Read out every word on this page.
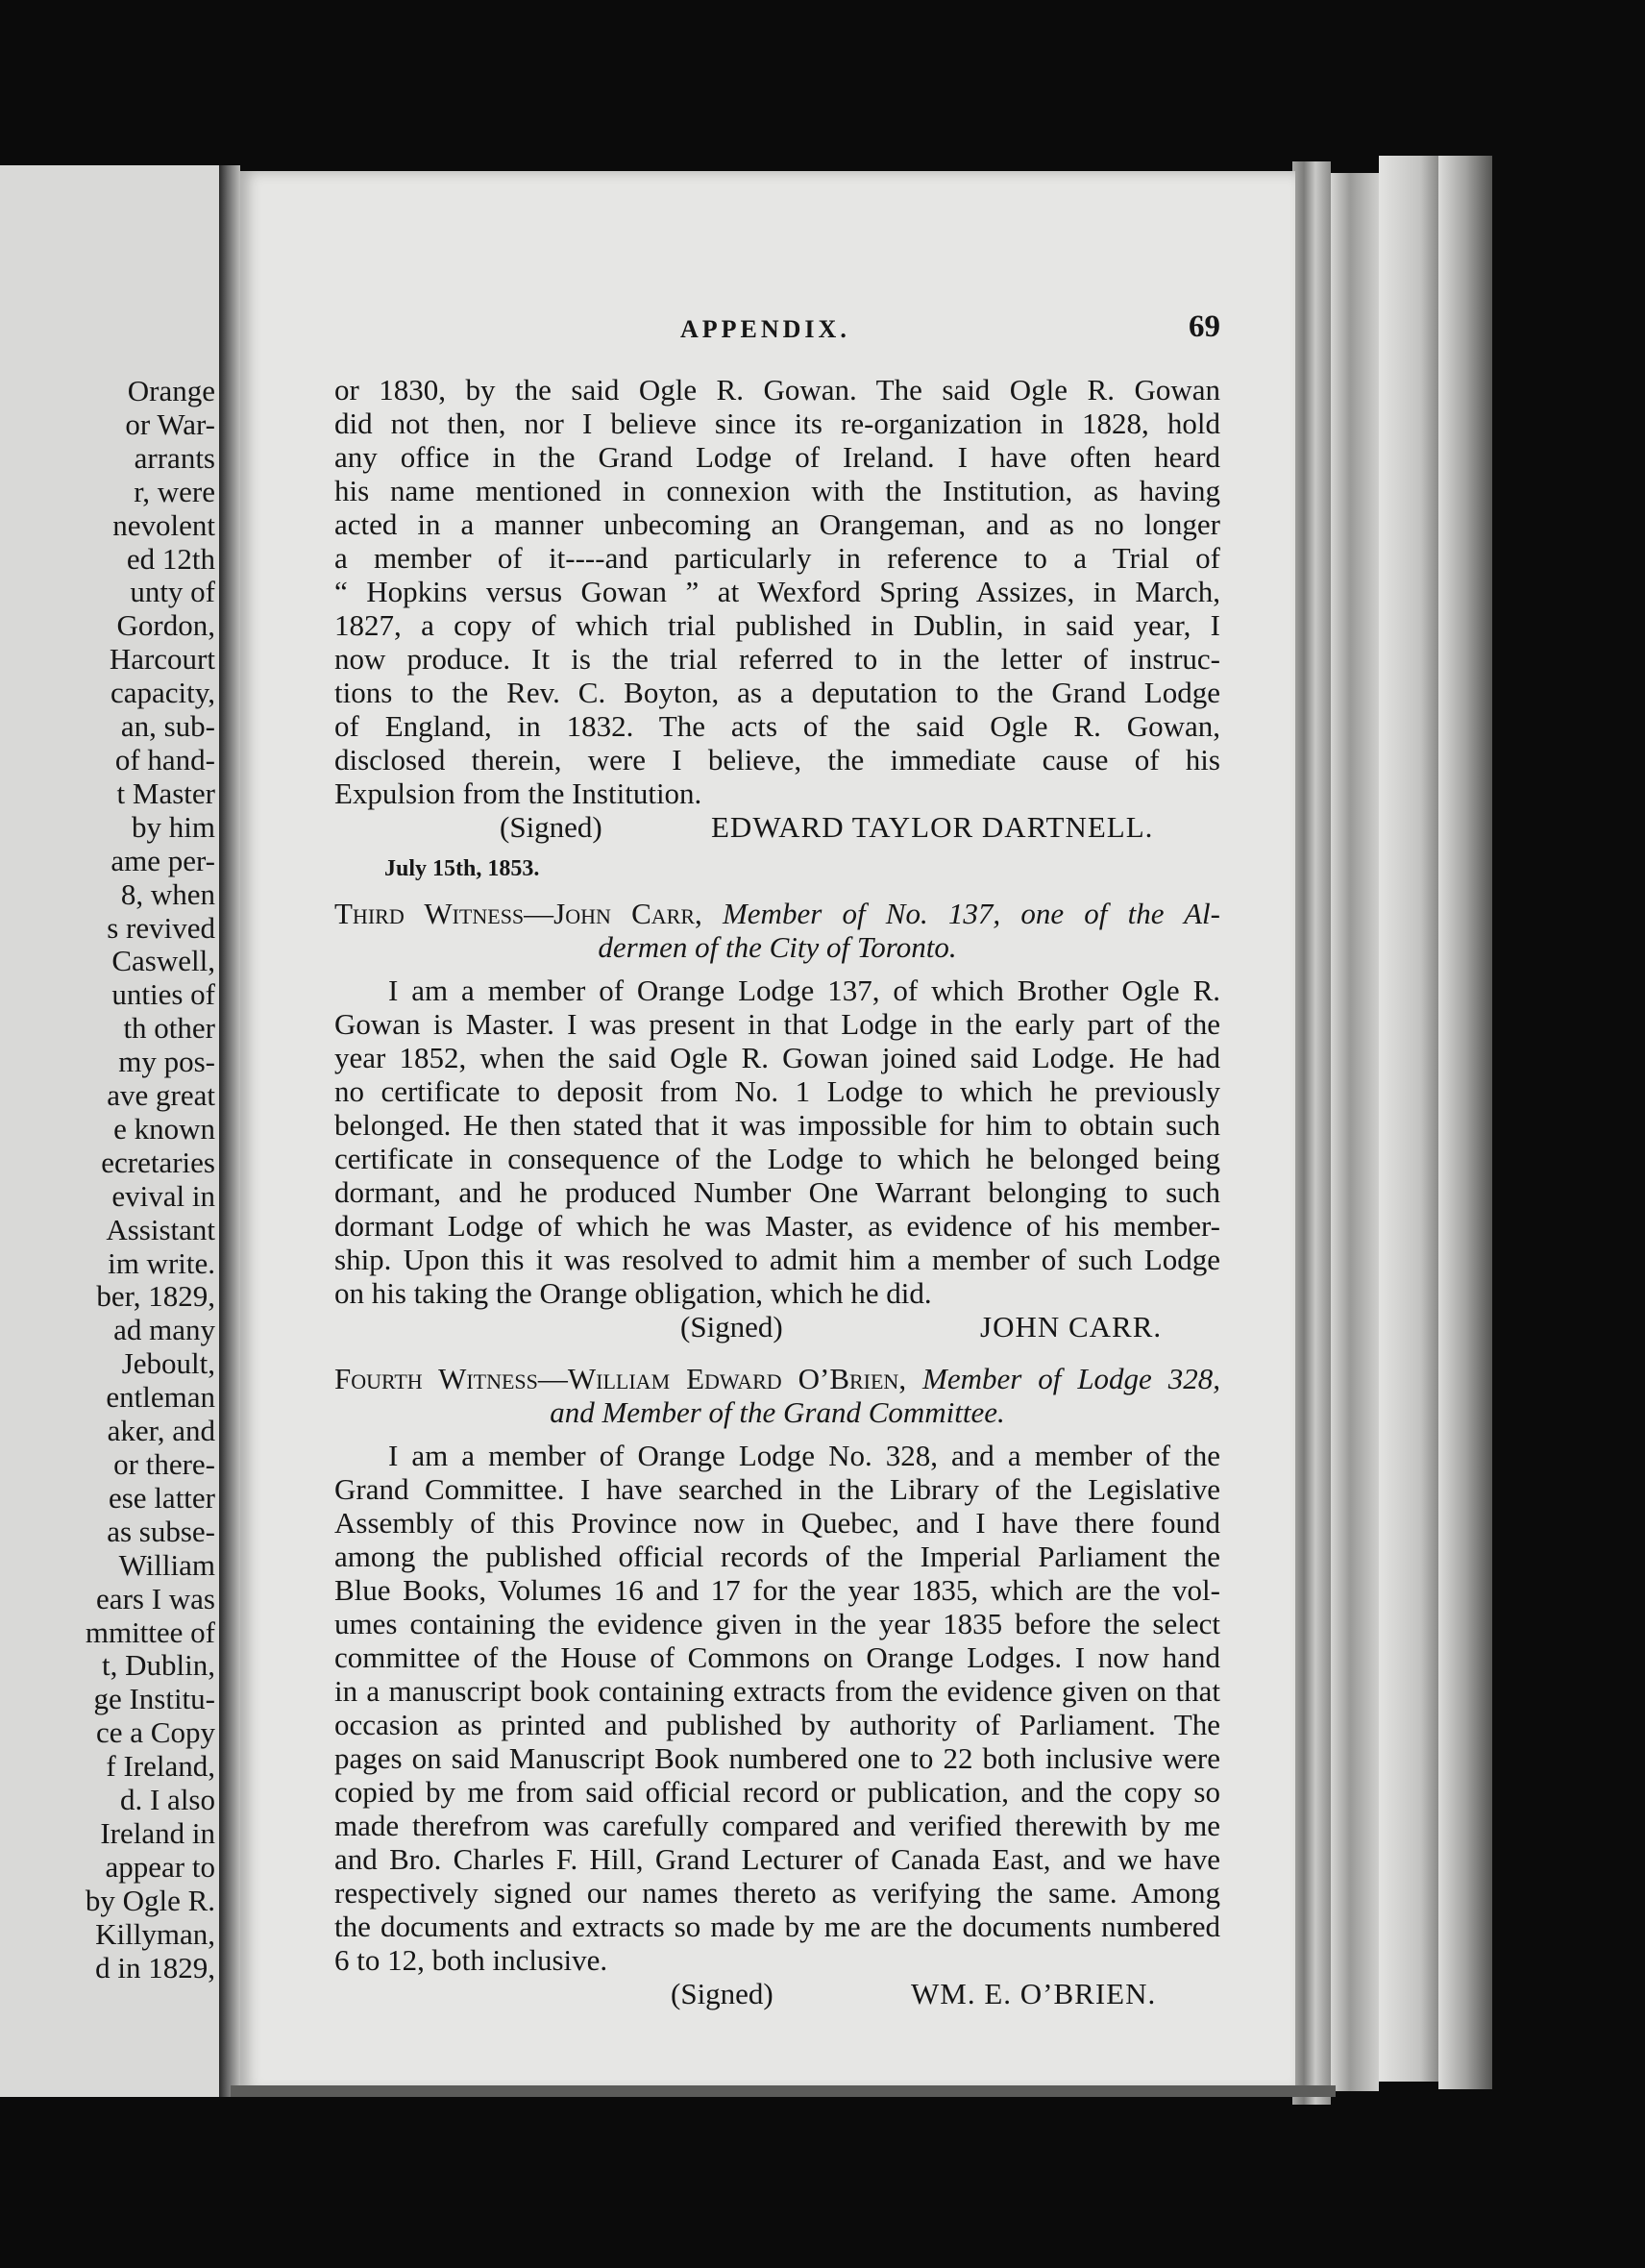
Orange
or War-
arrants
r, were
nevolent
ed 12th
unty of
Gordon,
Harcourt
capacity,
an, sub-
of hand-
t Master
by him
ame per-
8, when
s revived
Caswell,
unties of
th other
my pos-
ave great
e known
ecretaries
evival in
Assistant
im write.
ber, 1829,
ad many
Jeboult,
entleman
aker, and
or there-
ese latter
as subse-
William
ears I was
mmittee of
t, Dublin,
ge Institu-
ce a Copy
f Ireland,
d. I also
Ireland in
appear to
by Ogle R.
Killyman,
d in 1829,
APPENDIX.	69
or 1830, by the said Ogle R. Gowan. The said Ogle R. Gowan
did not then, nor I believe since its re-organization in 1828, hold
any office in the Grand Lodge of Ireland. I have often heard
his name mentioned in connexion with the Institution, as having
acted in a manner unbecoming an Orangeman, and as no longer
a member of it----and particularly in reference to a Trial of
“ Hopkins versus Gowan ” at Wexford Spring Assizes, in March,
1827, a copy of which trial published in Dublin, in said year, I
now produce. It is the trial referred to in the letter of instruc-
tions to the Rev. C. Boyton, as a deputation to the Grand Lodge
of England, in 1832. The acts of the said Ogle R. Gowan,
disclosed therein, were I believe, the immediate cause of his
Expulsion from the Institution.
(Signed)	EDWARD TAYLOR DARTNELL.
July 15th, 1853.
Third Witness—John Carr, Member of No. 137, one of the Al-
dermen of the City of Toronto.
I am a member of Orange Lodge 137, of which Brother Ogle R.
Gowan is Master. I was present in that Lodge in the early part of the
year 1852, when the said Ogle R. Gowan joined said Lodge. He had
no certificate to deposit from No. 1 Lodge to which he previously
belonged. He then stated that it was impossible for him to obtain such
certificate in consequence of the Lodge to which he belonged being
dormant, and he produced Number One Warrant belonging to such
dormant Lodge of which he was Master, as evidence of his member-
ship. Upon this it was resolved to admit him a member of such Lodge
on his taking the Orange obligation, which he did.
(Signed)	JOHN CARR.
Fourth Witness—William Edward O’Brien, Member of Lodge 328,
and Member of the Grand Committee.
I am a member of Orange Lodge No. 328, and a member of the
Grand Committee. I have searched in the Library of the Legislative
Assembly of this Province now in Quebec, and I have there found
among the published official records of the Imperial Parliament the
Blue Books, Volumes 16 and 17 for the year 1835, which are the vol-
umes containing the evidence given in the year 1835 before the select
committee of the House of Commons on Orange Lodges. I now hand
in a manuscript book containing extracts from the evidence given on that
occasion as printed and published by authority of Parliament. The
pages on said Manuscript Book numbered one to 22 both inclusive were
copied by me from said official record or publication, and the copy so
made therefrom was carefully compared and verified therewith by me
and Bro. Charles F. Hill, Grand Lecturer of Canada East, and we have
respectively signed our names thereto as verifying the same. Among
the documents and extracts so made by me are the documents numbered
6 to 12, both inclusive.
(Signed)	WM. E. O’BRIEN.
